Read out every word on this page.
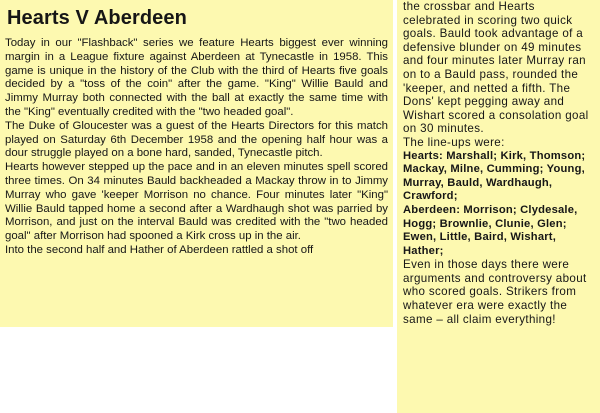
Hearts V Aberdeen

Today in our "Flashback" series we feature Hearts biggest ever winning margin in a League fixture against Aberdeen at Tynecastle in 1958. This game is unique in the history of the Club with the third of Hearts five goals decided by a "toss of the coin" after the game. "King" Willie Bauld and Jimmy Murray both connected with the ball at exactly the same time with the "King" eventually credited with the "two headed goal".

The Duke of Gloucester was a guest of the Hearts Directors for this match played on Saturday 6th December 1958 and the opening half hour was a dour struggle played on a bone hard, sanded, Tynecastle pitch.

Hearts however stepped up the pace and in an eleven minutes spell scored three times. On 34 minutes Bauld backheaded a Mackay throw in to Jimmy Murray who gave 'keeper Morrison no chance. Four minutes later "King" Willie Bauld tapped home a second after a Wardhaugh shot was parried by Morrison, and just on the interval Bauld was credited with the "two headed goal" after Morrison had spooned a Kirk cross up in the air.

Into the second half and Hather of Aberdeen rattled a shot off

the crossbar and Hearts celebrated in scoring two quick goals. Bauld took advantage of a defensive blunder on 49 minutes and four minutes later Murray ran on to a Bauld pass, rounded the 'keeper, and netted a fifth. The Dons' kept pegging away and Wishart scored a consolation goal on 30 minutes.

The line-ups were:

Hearts: Marshall; Kirk, Thomson; Mackay, Milne, Cumming; Young, Murray, Bauld, Wardhaugh, Crawford;

Aberdeen: Morrison; Clydesale, Hogg; Brownlie, Clunie, Glen; Ewen, Little, Baird, Wishart, Hather;

Even in those days there were arguments and controversy about who scored goals. Strikers from whatever era were exactly the same – all claim everything!
